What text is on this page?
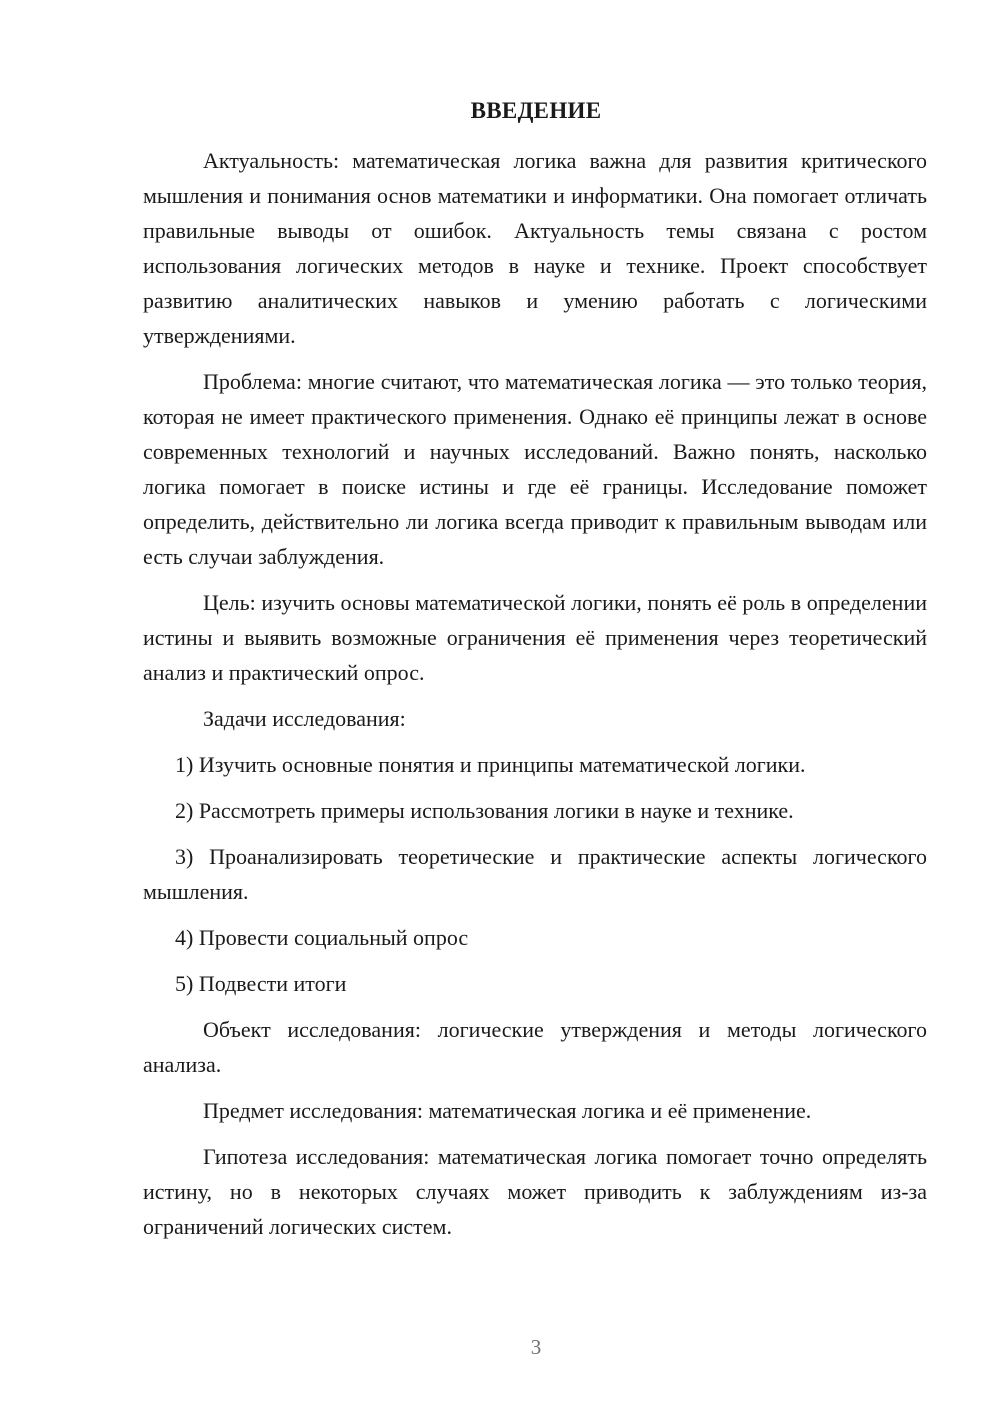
ВВЕДЕНИЕ

Актуальность: математическая логика важна для развития критического мышления и понимания основ математики и информатики. Она помогает отличать правильные выводы от ошибок. Актуальность темы связана с ростом использования логических методов в науке и технике. Проект способствует развитию аналитических навыков и умению работать с логическими утверждениями.

Проблема: многие считают, что математическая логика — это только теория, которая не имеет практического применения. Однако её принципы лежат в основе современных технологий и научных исследований. Важно понять, насколько логика помогает в поиске истины и где её границы. Исследование поможет определить, действительно ли логика всегда приводит к правильным выводам или есть случаи заблуждения.

Цель: изучить основы математической логики, понять её роль в определении истины и выявить возможные ограничения её применения через теоретический анализ и практический опрос.

Задачи исследования:

1) Изучить основные понятия и принципы математической логики.

2) Рассмотреть примеры использования логики в науке и технике.

3) Проанализировать теоретические и практические аспекты логического мышления.

4) Провести социальный опрос

5) Подвести итоги

Объект исследования: логические утверждения и методы логического анализа.

Предмет исследования: математическая логика и её применение.

Гипотеза исследования: математическая логика помогает точно определять истину, но в некоторых случаях может приводить к заблуждениям из-за ограничений логических систем.

3
